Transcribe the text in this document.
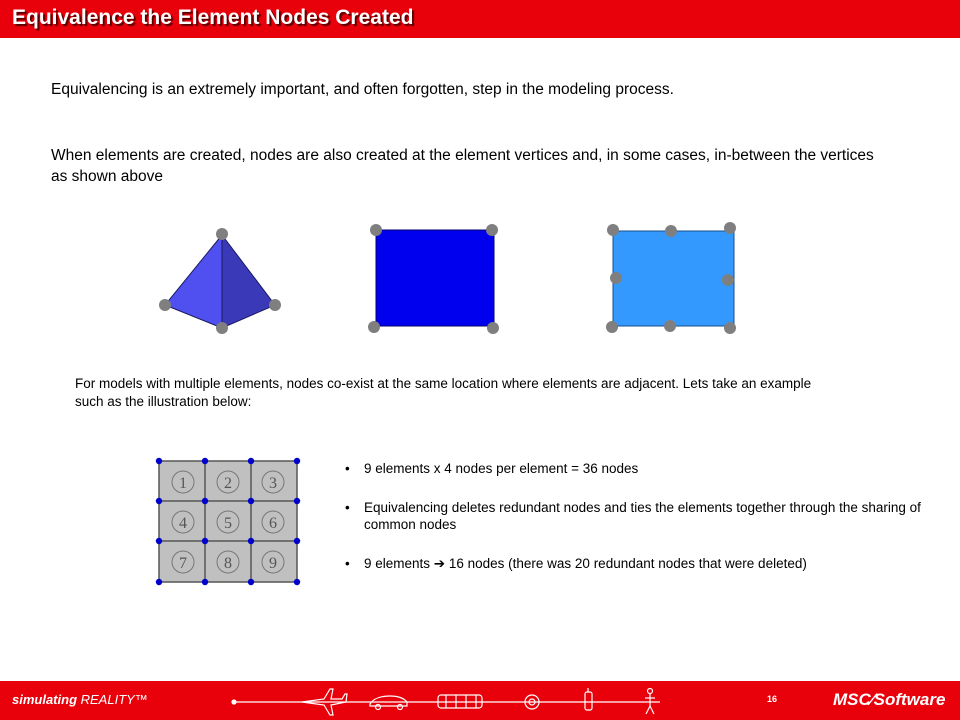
Equivalence the Element Nodes Created
Equivalencing is an extremely important, and often forgotten, step in the modeling process.
When elements are created, nodes are also created at the element vertices and, in some cases, in-between the vertices as shown above
1 2 3
4 5 6
7 8 9
For models with multiple elements, nodes co-exist at the same location where elements are adjacent. Lets take an example such as the illustration below:
• 9 elements x 4 nodes per element = 36 nodes
• Equivalencing deletes redundant nodes and ties the elements together through the sharing of common nodes
• 9 elements ➔ 16 nodes (there was 20 redundant nodes that were deleted)
simulating REALITY™	16	MSC⁄Software
